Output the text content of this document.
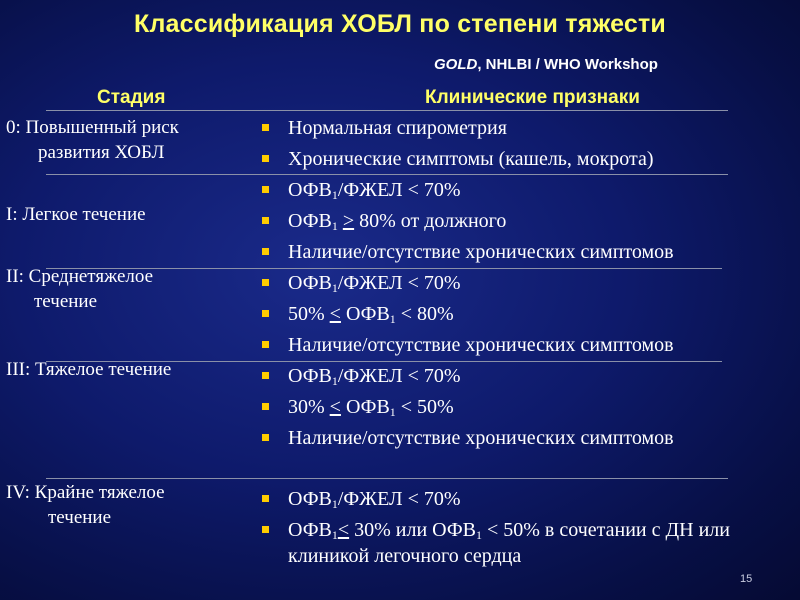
Классификация ХОБЛ по степени тяжести
GOLD, NHLBI / WHO Workshop
Стадия	Клинические признаки
0: Повышенный риск
развития ХОБЛ
I: Легкое течение
II: Среднетяжелое
течение
III: Тяжелое течение
IV: Крайне тяжелое
течение
Нормальная спирометрия
Хронические симптомы (кашель, мокрота)
$ОФВ_1$/ФЖЕЛ < 70%
$ОФВ_1 > 80\%$ от должного
Наличие/отсутствие хронических симптомов
$ОФВ_1$/ФЖЕЛ < 70%
$50\% < ОФВ_1 < 80\%$
Наличие/отсутствие хронических симптомов
$ОФВ_1$/ФЖЕЛ < 70%
$30\% < ОФВ_1 < 50\%$
Наличие/отсутствие хронических симптомов
$ОФВ_1$/ФЖЕЛ < 70%
$ОФВ_1< 30\%$ или $ОФВ_1 < 50\%$ в сочетании с ДН или клиникой легочного сердца
15
